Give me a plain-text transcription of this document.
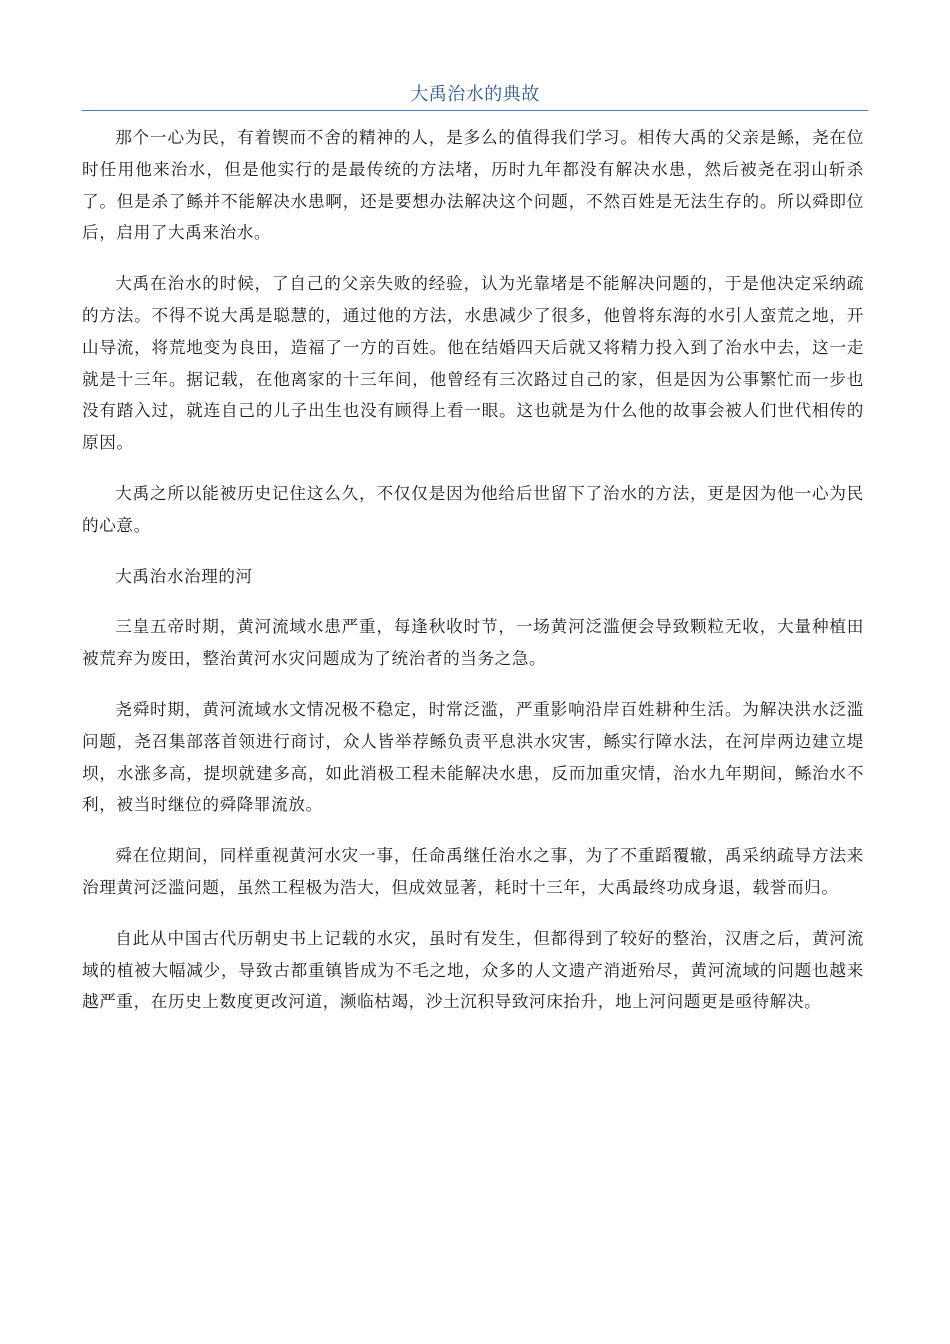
大禹治水的典故

那个一心为民，有着锲而不舍的精神的人，是多么的值得我们学习。相传大禹的父亲是鲧，尧在位时任用他来治水，但是他实行的是最传统的方法堵，历时九年都没有解决水患，然后被尧在羽山斩杀了。但是杀了鲧并不能解决水患啊，还是要想办法解决这个问题，不然百姓是无法生存的。所以舜即位后，启用了大禹来治水。

大禹在治水的时候，了自己的父亲失败的经验，认为光靠堵是不能解决问题的，于是他决定采纳疏的方法。不得不说大禹是聪慧的，通过他的方法，水患减少了很多，他曾将东海的水引人蛮荒之地，开山导流，将荒地变为良田，造福了一方的百姓。他在结婚四天后就又将精力投入到了治水中去，这一走就是十三年。据记载，在他离家的十三年间，他曾经有三次路过自己的家，但是因为公事繁忙而一步也没有踏入过，就连自己的儿子出生也没有顾得上看一眼。这也就是为什么他的故事会被人们世代相传的原因。

大禹之所以能被历史记住这么久，不仅仅是因为他给后世留下了治水的方法，更是因为他一心为民的心意。

大禹治水治理的河

三皇五帝时期，黄河流域水患严重，每逢秋收时节，一场黄河泛滥便会导致颗粒无收，大量种植田被荒弃为废田，整治黄河水灾问题成为了统治者的当务之急。

尧舜时期，黄河流域水文情况极不稳定，时常泛滥，严重影响沿岸百姓耕种生活。为解决洪水泛滥问题，尧召集部落首领进行商讨，众人皆举荐鲧负责平息洪水灾害，鲧实行障水法，在河岸两边建立堤坝，水涨多高，提坝就建多高，如此消极工程未能解决水患，反而加重灾情，治水九年期间，鲧治水不利，被当时继位的舜降罪流放。

舜在位期间，同样重视黄河水灾一事，任命禹继任治水之事，为了不重蹈覆辙，禹采纳疏导方法来治理黄河泛滥问题，虽然工程极为浩大，但成效显著，耗时十三年，大禹最终功成身退，载誉而归。

自此从中国古代历朝史书上记载的水灾，虽时有发生，但都得到了较好的整治，汉唐之后，黄河流域的植被大幅减少，导致古都重镇皆成为不毛之地，众多的人文遗产消逝殆尽，黄河流域的问题也越来越严重，在历史上数度更改河道，濒临枯竭，沙土沉积导致河床抬升，地上河问题更是亟待解决。
